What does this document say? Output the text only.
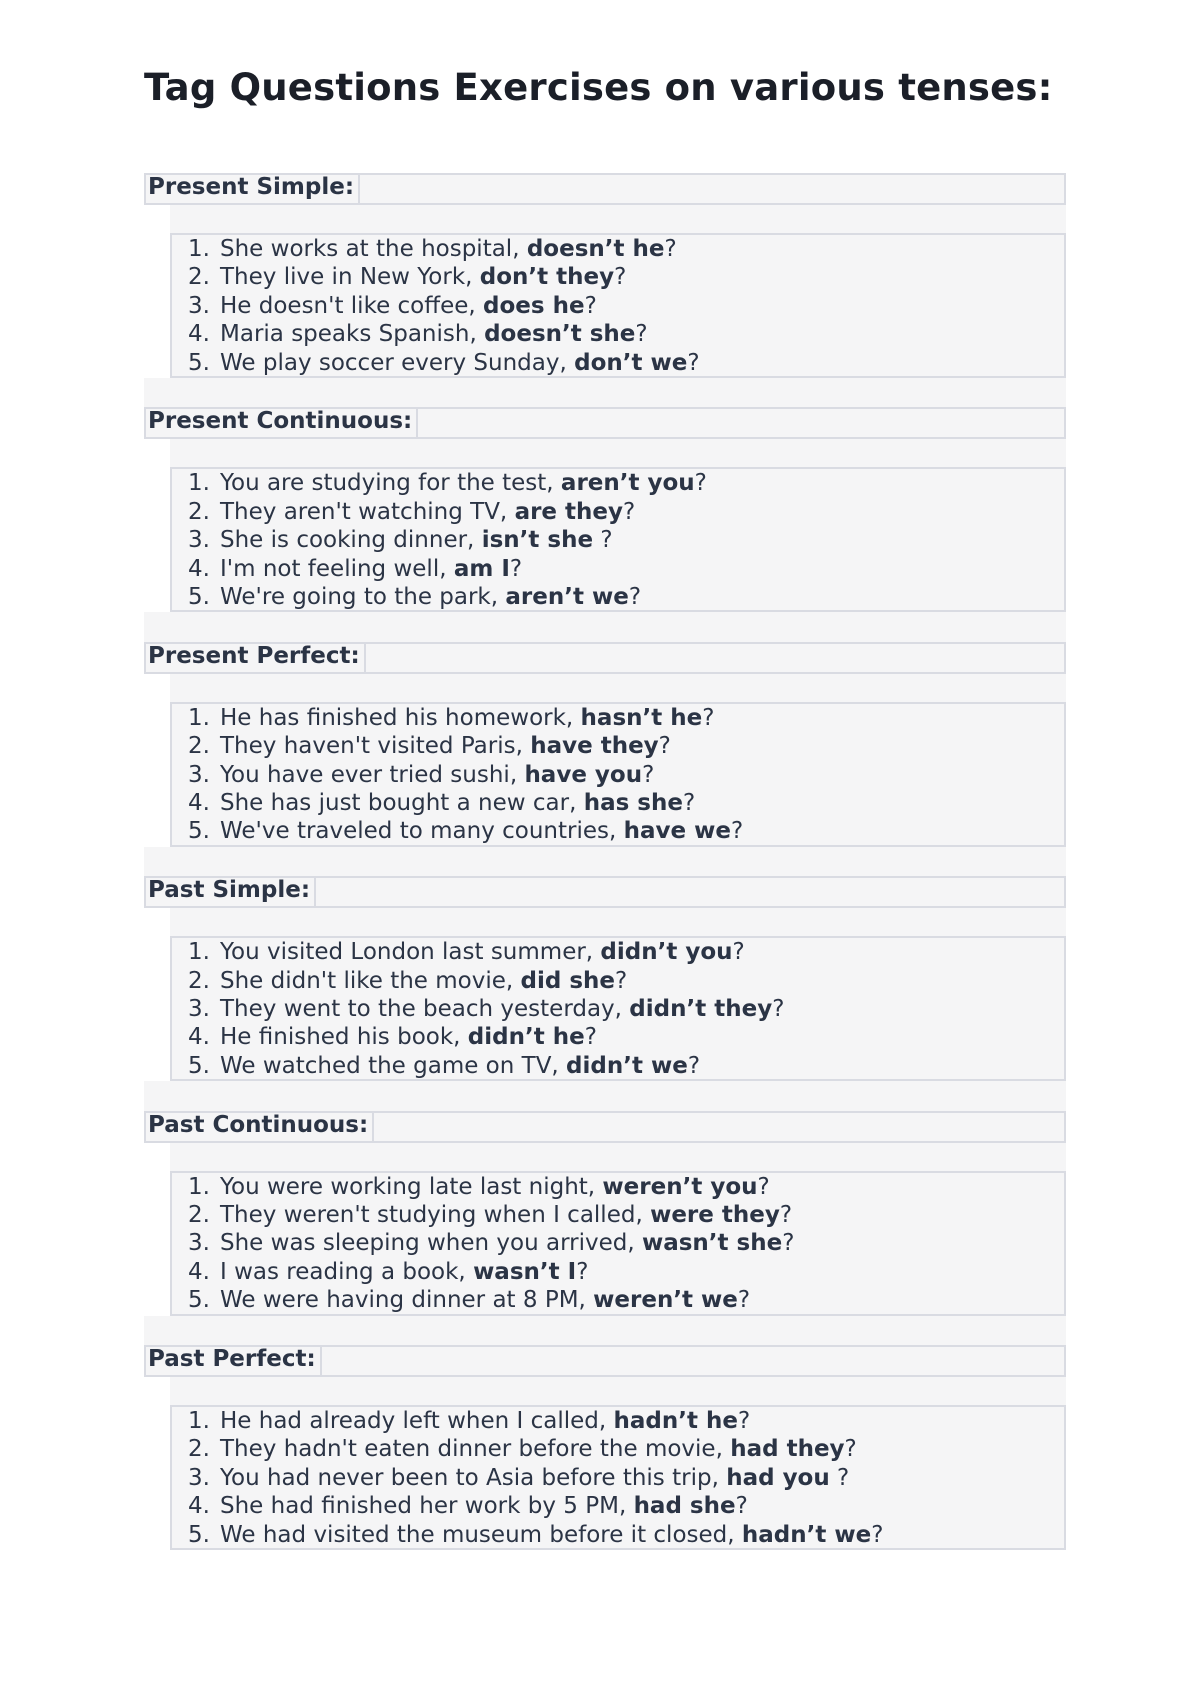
Tag Questions Exercises on various tenses:
Present Simple:
1. She works at the hospital, doesn’t he?
2. They live in New York, don’t they?
3. He doesn't like coffee, does he?
4. Maria speaks Spanish, doesn’t she?
5. We play soccer every Sunday, don’t we?
Present Continuous:
1. You are studying for the test, aren’t you?
2. They aren't watching TV, are they?
3. She is cooking dinner, isn’t she ?
4. I'm not feeling well, am I?
5. We're going to the park, aren’t we?
Present Perfect:
1. He has finished his homework, hasn’t he?
2. They haven't visited Paris, have they?
3. You have ever tried sushi, have you?
4. She has just bought a new car, has she?
5. We've traveled to many countries, have we?
Past Simple:
1. You visited London last summer, didn’t you?
2. She didn't like the movie, did she?
3. They went to the beach yesterday, didn’t they?
4. He finished his book, didn’t he?
5. We watched the game on TV, didn’t we?
Past Continuous:
1. You were working late last night, weren’t you?
2. They weren't studying when I called, were they?
3. She was sleeping when you arrived, wasn’t she?
4. I was reading a book, wasn’t I?
5. We were having dinner at 8 PM, weren’t we?
Past Perfect:
1. He had already left when I called, hadn’t he?
2. They hadn't eaten dinner before the movie, had they?
3. You had never been to Asia before this trip, had you ?
4. She had finished her work by 5 PM, had she?
5. We had visited the museum before it closed, hadn’t we?
